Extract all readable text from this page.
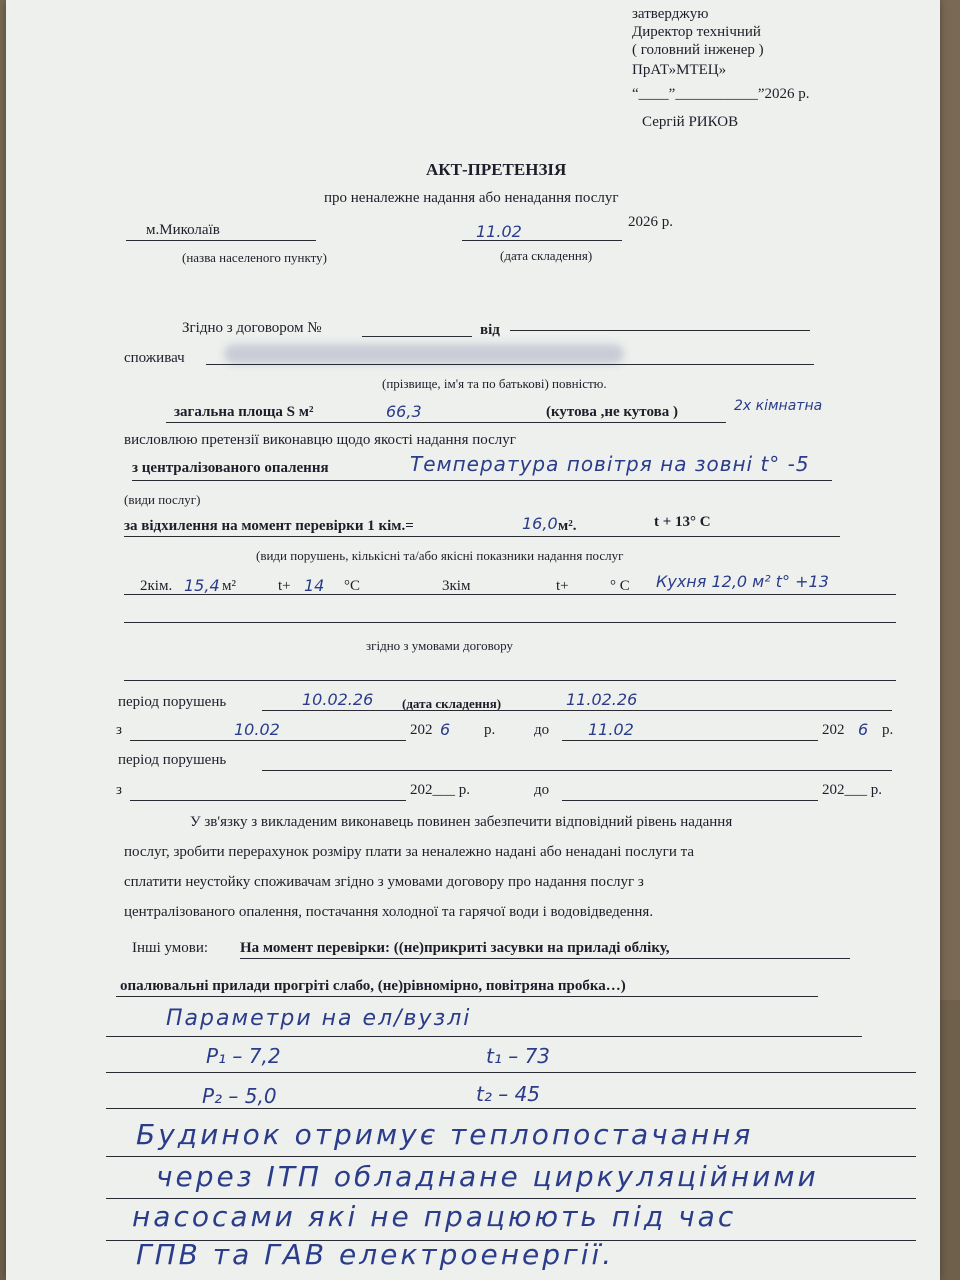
затверджую
Директор технічний
( головний інженер )
ПрАТ»МТЕЦ»
“____”___________”2026 р.
Сергій РИКОВ
АКТ-ПРЕТЕНЗІЯ
про неналежне надання або ненадання послуг
м.Миколаїв	11.02	2026 р.
(назва населеного пункту)	(дата складення)
Згідно з договором №	від
споживач
(прізвище, ім'я та по батькові) повністю.
загальна площа S м²	66,3	(кутова ,не кутова )	2х кімнатна
висловлюю претензії виконавцю щодо якості надання послуг
з централізованого опалення	Температура повітря на зовні t° -5
(види послуг)
за відхилення на момент перевірки 1 кім.=	16,0 м².	t + 13° С
(види порушень, кількісні та/або якісні показники надання послуг
2кім. 15,4 м²	t+ 14 °С	3кім	t+	° С Кухня 12,0 м² t° +13
згідно з умовами договору
період порушень	10.02.26 (дата складення)	11.02.26
з	10.02	202 6 р.	до 11.02	202 6 р.
період порушень
з	202___ р.	до	202___ р.
У зв'язку з викладеним виконавець повинен забезпечити відповідний рівень надання
послуг, зробити перерахунок розміру плати за неналежно надані або ненадані послуги та
сплатити неустойку споживачам згідно з умовами договору про надання послуг з
централізованого опалення, постачання холодної та гарячої води і водовідведення.
Інші умови: На момент перевірки: ((не)прикриті засувки на приладі обліку,
опалювальні прилади прогріті слабо, (не)рівномірно, повітряна пробка…)
Параметри на ел/вузлі
P₁ – 7,2	t₁ – 73
P₂ – 5,0	t₂ – 45
Будинок отримує теплопостачання
через ІТП обладнане циркуляційними
насосами які не працюють під час
ГПВ та ГАВ електроенергії.
